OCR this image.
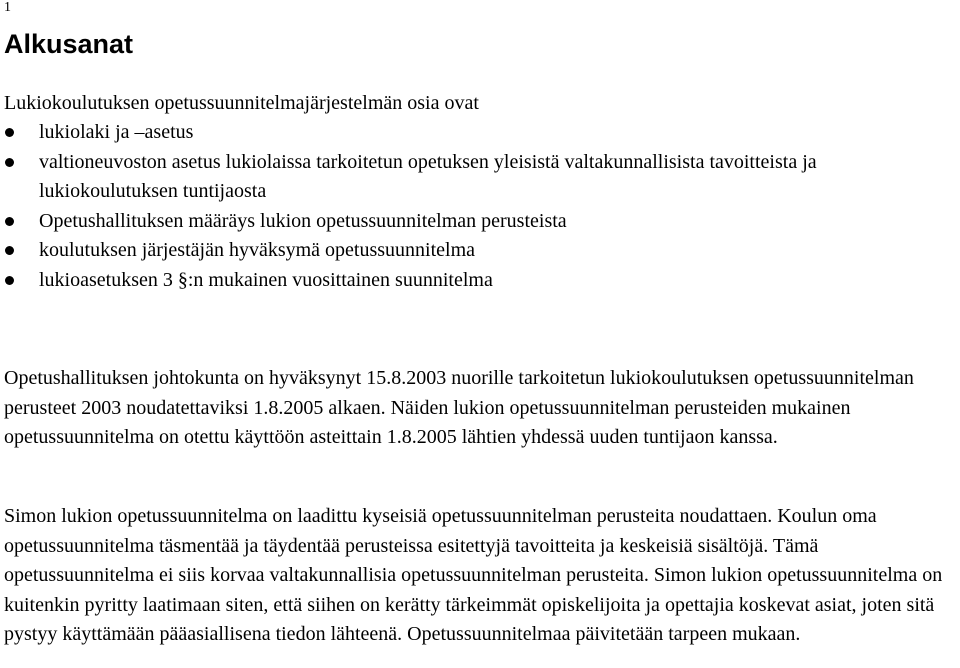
1
Alkusanat

Lukiokoulutuksen opetussuunnitelmajärjestelmän osia ovat

lukiolaki ja –asetus
valtioneuvoston asetus lukiolaissa tarkoitetun opetuksen yleisistä valtakunnallisista tavoitteista ja lukiokoulutuksen tuntijaosta
Opetushallituksen määräys lukion opetussuunnitelman perusteista
koulutuksen järjestäjän hyväksymä opetussuunnitelma
lukioasetuksen 3 §:n mukainen vuosittainen suunnitelma

Opetushallituksen johtokunta on hyväksynyt 15.8.2003 nuorille tarkoitetun lukiokoulutuksen opetussuunnitelman perusteet 2003 noudatettaviksi 1.8.2005 alkaen. Näiden lukion opetussuunnitelman perusteiden mukainen opetussuunnitelma on otettu käyttöön asteittain 1.8.2005 lähtien yhdessä uuden tuntijaon kanssa.

Simon lukion opetussuunnitelma on laadittu kyseisiä opetussuunnitelman perusteita noudattaen. Koulun oma opetussuunnitelma täsmentää ja täydentää perusteissa esitettyjä tavoitteita ja keskeisiä sisältöjä. Tämä opetussuunnitelma ei siis korvaa valtakunnallisia opetussuunnitelman perusteita. Simon lukion opetussuunnitelma on kuitenkin pyritty laatimaan siten, että siihen on kerätty tärkeimmät opiskelijoita ja opettajia koskevat asiat, joten sitä pystyy käyttämään pääasiallisena tiedon lähteenä. Opetussuunnitelmaa päivitetään tarpeen mukaan.
